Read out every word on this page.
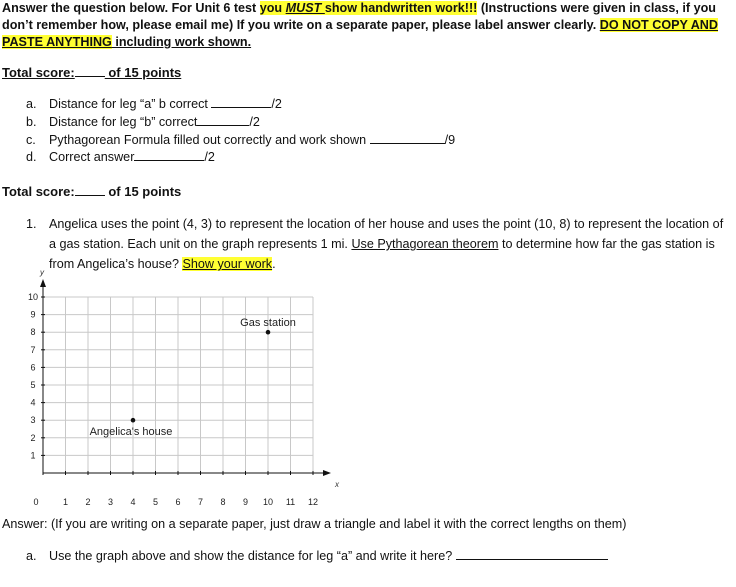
Answer the question below. For Unit 6 test you MUST show handwritten work!!! (Instructions were given in class, if you don’t remember how, please email me) If you write on a separate paper, please label answer clearly. DO NOT COPY AND PASTE ANYTHING including work shown.
Total score: of 15 points
a. Distance for leg “a” b correct	/2
b. Distance for leg “b” correct	/2
c. Pythagorean Formula filled out correctly and work shown	/9
d. Correct answer	/2
Total score: of 15 points
1. Angelica uses the point (4, 3) to represent the location of her house and uses the point (10, 8) to represent the location of a gas station. Each unit on the graph represents 1 mi. Use Pythagorean theorem to determine how far the gas station is from Angelica’s house? Show your work.
x
y
0	1 2 3 4 5 6 7 8 9 10 11 12
1
2
3
4
5
6
7
8
9
10
Angelica's house
Gas station
Answer: (If you are writing on a separate paper, just draw a triangle and label it with the correct lengths on them)
a. Use the graph above and show the distance for leg “a” and write it here?
